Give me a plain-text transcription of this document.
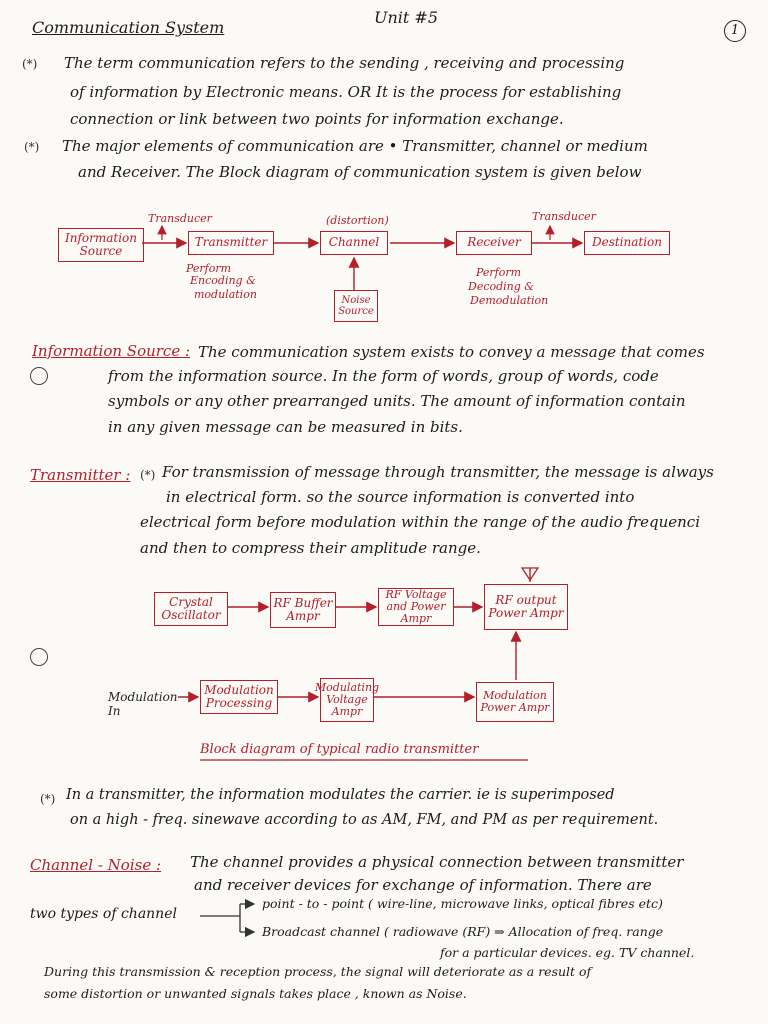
Communication System
Unit #5
1
(*) The term communication refers to the sending , receiving and processing
of information by Electronic means. OR It is the process for establishing
connection or link between two points for information exchange.
(*) The major elements of communication are • Transmitter, channel or medium
and Receiver. The Block diagram of communication system is given below
Information Source
Transmitter	Channel	Receiver	Destination
Noise Source
Transducer	(distortion)	Transducer
Perform
Encoding &
modulation
Perform
Decoding &
Demodulation
Information Source : The communication system exists to convey a message that comes
from the information source. In the form of words, group of words, code
symbols or any other prearranged units. The amount of information contain
in any given message can be measured in bits.
Transmitter : (*) For transmission of message through transmitter, the message is always
in electrical form. so the source information is converted into
electrical form before modulation within the range of the audio frequenci
and then to compress their amplitude range.
Crystal Oscillator
RF Buffer Ampr
RF Voltage and Power Ampr
RF output Power Ampr
Modulation Processing
Modulating Voltage Ampr
Modulation Power Ampr
Modulation In
Block diagram of typical radio transmitter
(*) In a transmitter, the information modulates the carrier. ie is superimposed
on a high - freq. sinewave according to as AM, FM, and PM as per requirement.
Channel - Noise : The channel provides a physical connection between transmitter
and receiver devices for exchange of information. There are
two types of channel
point - to - point ( wire-line, microwave links, optical fibres etc)
Broadcast channel ( radiowave (RF) ⇒ Allocation of freq. range
for a particular devices. eg. TV channel.
During this transmission & reception process, the signal will deteriorate as a result of
some distortion or unwanted signals takes place , known as Noise.
